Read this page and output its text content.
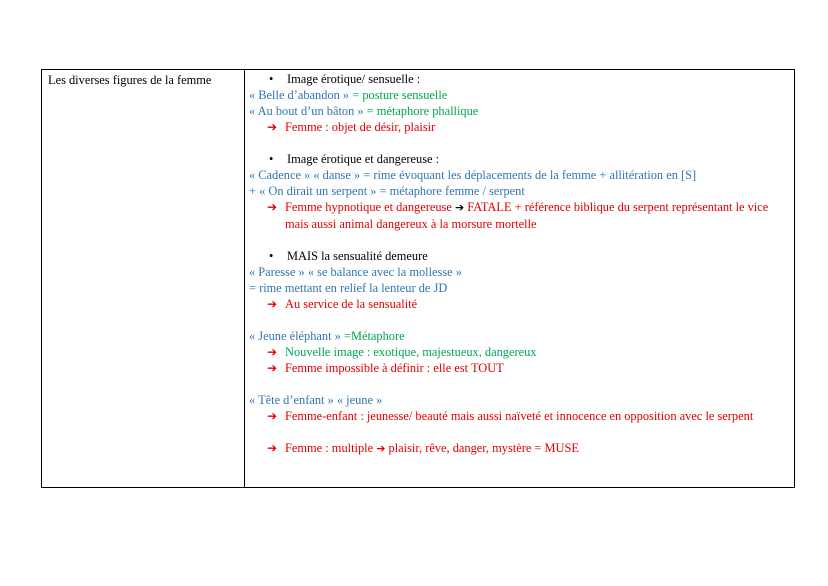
Les diverses figures de la femme	• Image érotique/ sensuelle :
« Belle d’abandon » = posture sensuelle
« Au bout d’un bâton » = métaphore phallique
➔ Femme : objet de désir, plaisir
• Image érotique et dangereuse :
« Cadence » « danse » = rime évoquant les déplacements de la femme + allitération en [S]
+ « On dirait un serpent » = métaphore femme / serpent
➔ Femme hypnotique et dangereuse ➔ FATALE + référence biblique du serpent représentant le vice mais aussi animal dangereux à la morsure mortelle
• MAIS la sensualité demeure
« Paresse » « se balance avec la mollesse »
= rime mettant en relief la lenteur de JD
➔ Au service de la sensualité
« Jeune éléphant » =Métaphore
➔ Nouvelle image : exotique, majestueux, dangereux
➔ Femme impossible à définir : elle est TOUT
« Tête d’enfant » « jeune »
➔ Femme-enfant : jeunesse/ beauté mais aussi naïveté et innocence en opposition avec le serpent
➔ Femme : multiple ➔ plaisir, rêve, danger, mystère = MUSE
